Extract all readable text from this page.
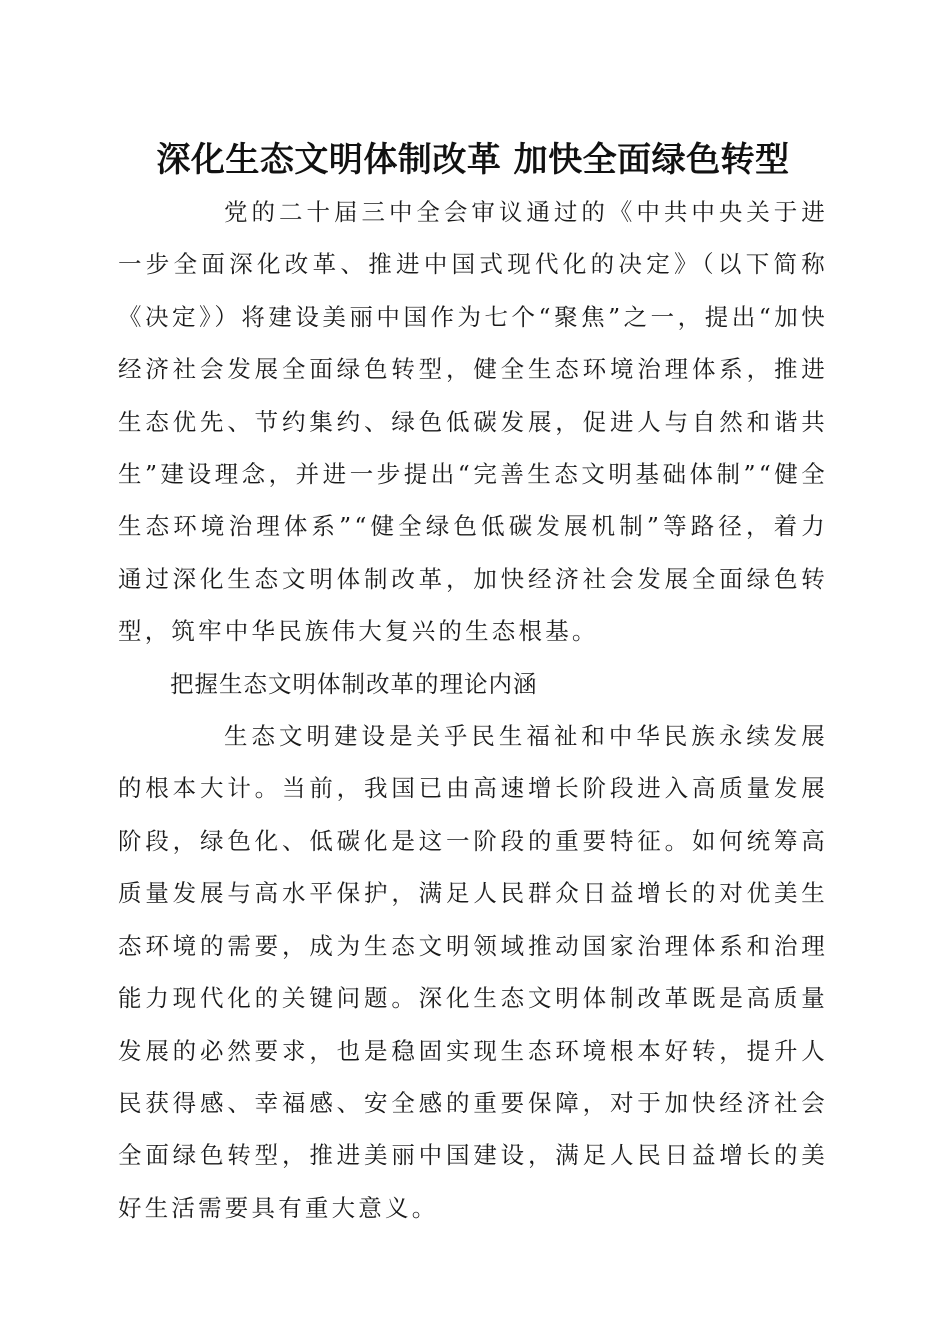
深化生态文明体制改革 加快全面绿色转型

党的二十届三中全会审议通过的《中共中央关于进一步全面深化改革、推进中国式现代化的决定》（以下简称《决定》）将建设美丽中国作为七个“聚焦”之一，提出“加快经济社会发展全面绿色转型，健全生态环境治理体系，推进生态优先、节约集约、绿色低碳发展，促进人与自然和谐共生”建设理念，并进一步提出“完善生态文明基础体制”“健全生态环境治理体系”“健全绿色低碳发展机制”等路径，着力通过深化生态文明体制改革，加快经济社会发展全面绿色转型，筑牢中华民族伟大复兴的生态根基。

把握生态文明体制改革的理论内涵

生态文明建设是关乎民生福祉和中华民族永续发展的根本大计。当前，我国已由高速增长阶段进入高质量发展阶段，绿色化、低碳化是这一阶段的重要特征。如何统筹高质量发展与高水平保护，满足人民群众日益增长的对优美生态环境的需要，成为生态文明领域推动国家治理体系和治理能力现代化的关键问题。深化生态文明体制改革既是高质量发展的必然要求，也是稳固实现生态环境根本好转，提升人民获得感、幸福感、安全感的重要保障，对于加快经济社会全面绿色转型，推进美丽中国建设，满足人民日益增长的美好生活需要具有重大意义。
